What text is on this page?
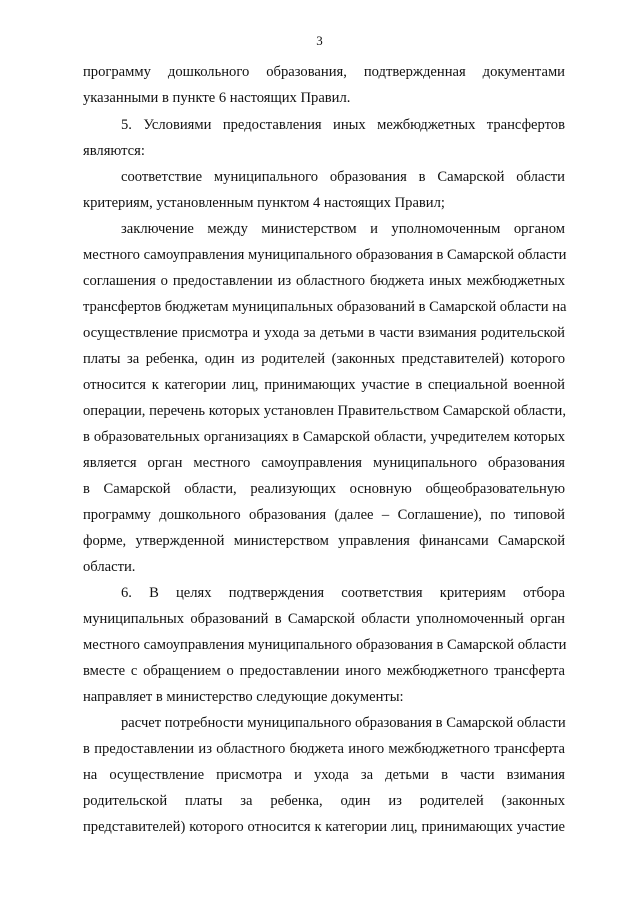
3
программу дошкольного образования, подтвержденная документами
указанными в пункте 6 настоящих Правил.
5. Условиями предоставления иных межбюджетных трансфертов
являются:
соответствие муниципального образования в Самарской области
критериям, установленным пунктом 4 настоящих Правил;
заключение между министерством и уполномоченным органом
местного самоуправления муниципального образования в Самарской области
соглашения о предоставлении из областного бюджета иных межбюджетных
трансфертов бюджетам муниципальных образований в Самарской области на
осуществление присмотра и ухода за детьми в части взимания родительской
платы за ребенка, один из родителей (законных представителей) которого
относится к категории лиц, принимающих участие в специальной военной
операции, перечень которых установлен Правительством Самарской области,
в образовательных организациях в Самарской области, учредителем которых
является орган местного самоуправления муниципального образования
в Самарской области, реализующих основную общеобразовательную
программу дошкольного образования (далее – Соглашение), по типовой
форме, утвержденной министерством управления финансами Самарской
области.
6. В целях подтверждения соответствия критериям отбора
муниципальных образований в Самарской области уполномоченный орган
местного самоуправления муниципального образования в Самарской области
вместе с обращением о предоставлении иного межбюджетного трансферта
направляет в министерство следующие документы:
расчет потребности муниципального образования в Самарской области
в предоставлении из областного бюджета иного межбюджетного трансферта
на осуществление присмотра и ухода за детьми в части взимания
родительской платы за ребенка, один из родителей (законных
представителей) которого относится к категории лиц, принимающих участие
